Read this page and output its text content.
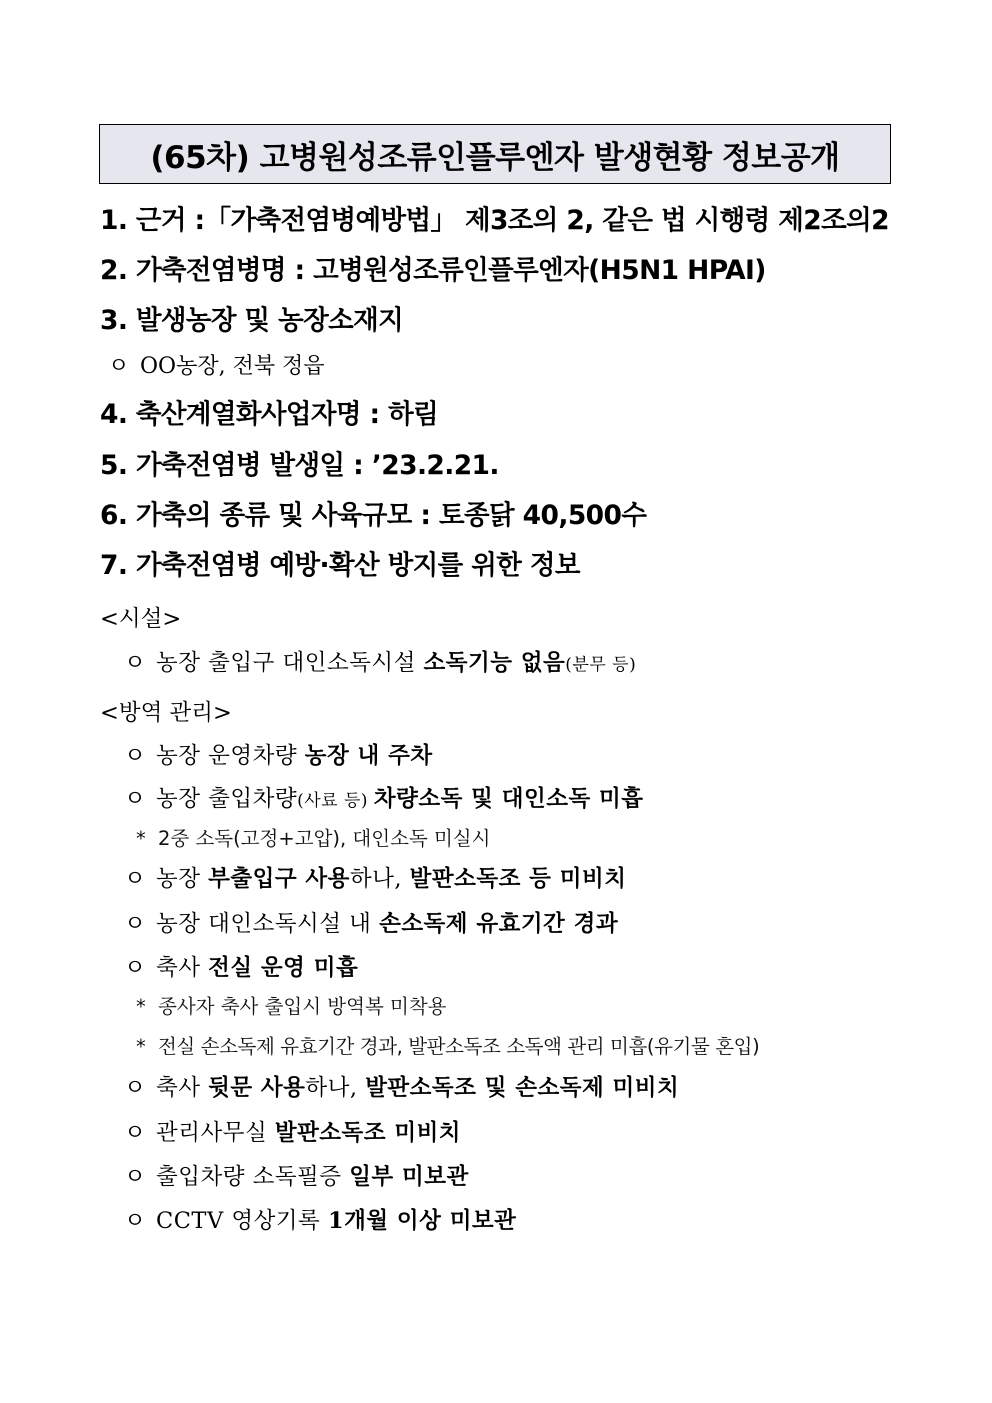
(65차) 고병원성조류인플루엔자 발생현황 정보공개
1. 근거 :「가축전염병예방법」 제3조의 2, 같은 법 시행령 제2조의2
2. 가축전염병명 : 고병원성조류인플루엔자(H5N1 HPAI)
3. 발생농장 및 농장소재지
ㅇ OO농장, 전북 정읍
4. 축산계열화사업자명 : 하림
5. 가축전염병 발생일 : ’23.2.21.
6. 가축의 종류 및 사육규모 : 토종닭 40,500수
7. 가축전염병 예방·확산 방지를 위한 정보
<시설>
ㅇ 농장 출입구 대인소독시설 소독기능 없음(분무 등)
<방역 관리>
ㅇ 농장 운영차량 농장 내 주차
ㅇ 농장 출입차량(사료 등) 차량소독 및 대인소독 미흡
* 2중 소독(고정+고압), 대인소독 미실시
ㅇ 농장 부출입구 사용하나, 발판소독조 등 미비치
ㅇ 농장 대인소독시설 내 손소독제 유효기간 경과
ㅇ 축사 전실 운영 미흡
* 종사자 축사 출입시 방역복 미착용
* 전실 손소독제 유효기간 경과, 발판소독조 소독액 관리 미흡(유기물 혼입)
ㅇ 축사 뒷문 사용하나, 발판소독조 및 손소독제 미비치
ㅇ 관리사무실 발판소독조 미비치
ㅇ 출입차량 소독필증 일부 미보관
ㅇ CCTV 영상기록 1개월 이상 미보관
